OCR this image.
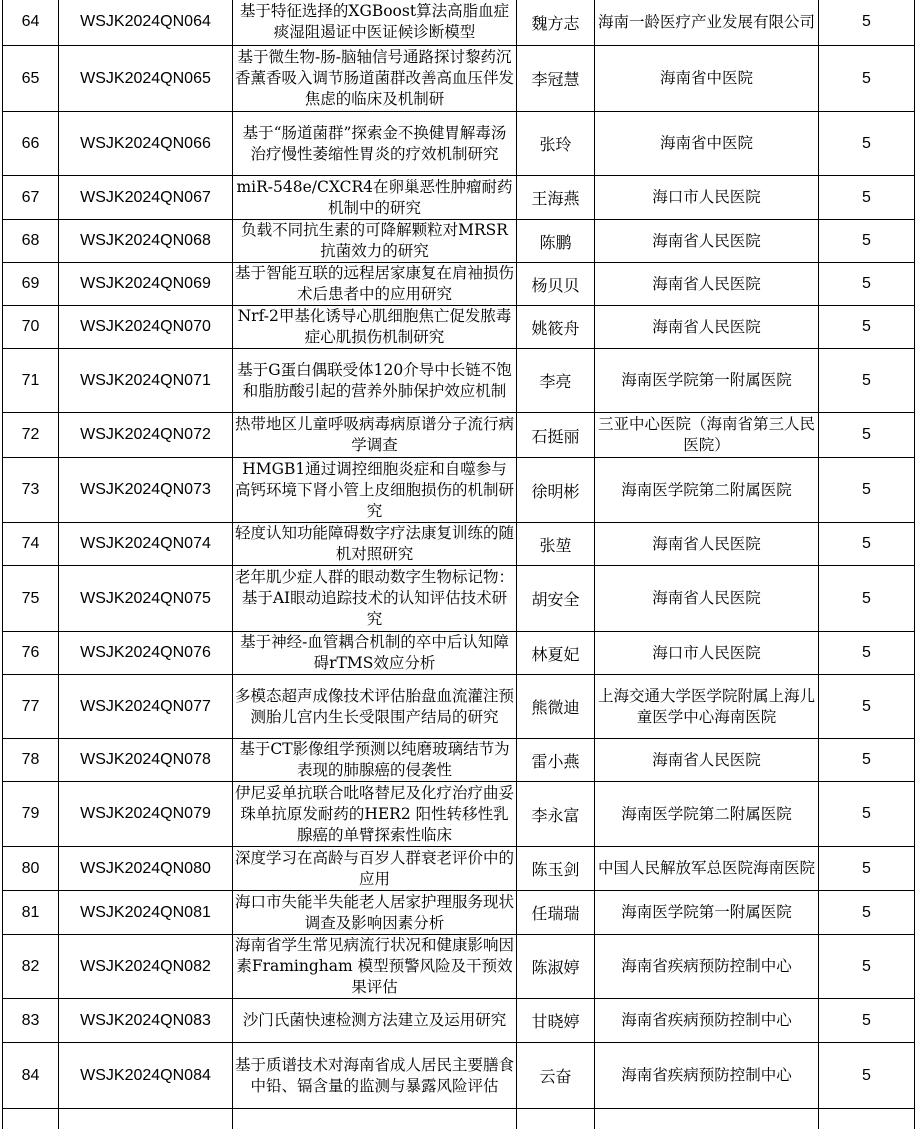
64	WSJK2024QN064	基于特征选择的XGBoost算法高脂血症痰湿阻遏证中医证候诊断模型	魏方志	海南一龄医疗产业发展有限公司	5
65	WSJK2024QN065	基于微生物-肠-脑轴信号通路探讨黎药沉香薰香吸入调节肠道菌群改善高血压伴发焦虑的临床及机制研	李冠慧	海南省中医院	5
66	WSJK2024QN066	基于“肠道菌群”探索金不换健胃解毒汤治疗慢性萎缩性胃炎的疗效机制研究	张玲	海南省中医院	5
67	WSJK2024QN067	miR-548e/CXCR4在卵巢恶性肿瘤耐药机制中的研究	王海燕	海口市人民医院	5
68	WSJK2024QN068	负载不同抗生素的可降解颗粒对MRSR抗菌效力的研究	陈鹏	海南省人民医院	5
69	WSJK2024QN069	基于智能互联的远程居家康复在肩袖损伤术后患者中的应用研究	杨贝贝	海南省人民医院	5
70	WSJK2024QN070	Nrf-2甲基化诱导心肌细胞焦亡促发脓毒症心肌损伤机制研究	姚筱舟	海南省人民医院	5
71	WSJK2024QN071	基于G蛋白偶联受体120介导中长链不饱和脂肪酸引起的营养外肺保护效应机制	李亮	海南医学院第一附属医院	5
72	WSJK2024QN072	热带地区儿童呼吸病毒病原谱分子流行病学调查	石挺丽	三亚中心医院（海南省第三人民医院）	5
73	WSJK2024QN073	HMGB1通过调控细胞炎症和自噬参与高钙环境下肾小管上皮细胞损伤的机制研究	徐明彬	海南医学院第二附属医院	5
74	WSJK2024QN074	轻度认知功能障碍数字疗法康复训练的随机对照研究	张堃	海南省人民医院	5
75	WSJK2024QN075	老年肌少症人群的眼动数字生物标记物：基于AI眼动追踪技术的认知评估技术研究	胡安全	海南省人民医院	5
76	WSJK2024QN076	基于神经-血管耦合机制的卒中后认知障碍rTMS效应分析	林夏妃	海口市人民医院	5
77	WSJK2024QN077	多模态超声成像技术评估胎盘血流灌注预测胎儿宫内生长受限围产结局的研究	熊微迪	上海交通大学医学院附属上海儿童医学中心海南医院	5
78	WSJK2024QN078	基于CT影像组学预测以纯磨玻璃结节为表现的肺腺癌的侵袭性	雷小燕	海南省人民医院	5
79	WSJK2024QN079	伊尼妥单抗联合吡咯替尼及化疗治疗曲妥珠单抗原发耐药的HER2 阳性转移性乳腺癌的单臂探索性临床	李永富	海南医学院第二附属医院	5
80	WSJK2024QN080	深度学习在高龄与百岁人群衰老评价中的应用	陈玉剑	中国人民解放军总医院海南医院	5
81	WSJK2024QN081	海口市失能半失能老人居家护理服务现状调查及影响因素分析	任瑞瑞	海南医学院第一附属医院	5
82	WSJK2024QN082	海南省学生常见病流行状况和健康影响因素Framingham 模型预警风险及干预效果评估	陈淑婷	海南省疾病预防控制中心	5
83	WSJK2024QN083	沙门氏菌快速检测方法建立及运用研究	甘晓婷	海南省疾病预防控制中心	5
84	WSJK2024QN084	基于质谱技术对海南省成人居民主要膳食中铅、镉含量的监测与暴露风险评估	云奋	海南省疾病预防控制中心	5
